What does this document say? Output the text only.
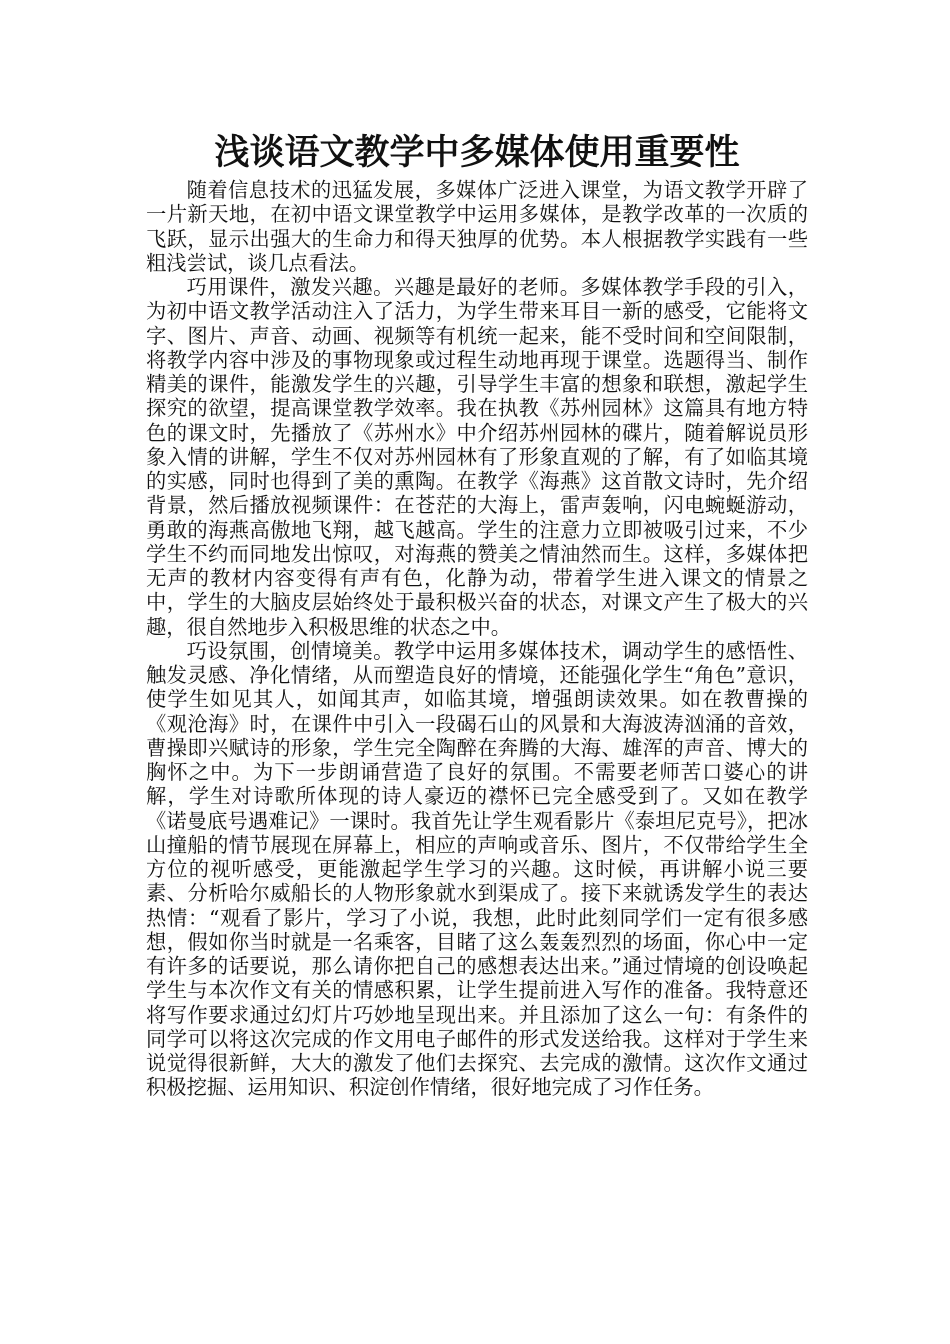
浅谈语文教学中多媒体使用重要性

随着信息技术的迅猛发展，多媒体广泛进入课堂，为语文教学开辟了一片新天地，在初中语文课堂教学中运用多媒体，是教学改革的一次质的飞跃，显示出强大的生命力和得天独厚的优势。本人根据教学实践有一些粗浅尝试，谈几点看法。

巧用课件，激发兴趣。兴趣是最好的老师。多媒体教学手段的引入，为初中语文教学活动注入了活力，为学生带来耳目一新的感受，它能将文字、图片、声音、动画、视频等有机统一起来，能不受时间和空间限制，将教学内容中涉及的事物现象或过程生动地再现于课堂。选题得当、制作精美的课件，能激发学生的兴趣，引导学生丰富的想象和联想，激起学生探究的欲望，提高课堂教学效率。我在执教《苏州园林》这篇具有地方特色的课文时，先播放了《苏州水》中介绍苏州园林的碟片，随着解说员形象入情的讲解，学生不仅对苏州园林有了形象直观的了解，有了如临其境的实感，同时也得到了美的熏陶。在教学《海燕》这首散文诗时，先介绍背景，然后播放视频课件：在苍茫的大海上，雷声轰响，闪电蜿蜒游动，勇敢的海燕高傲地飞翔，越飞越高。学生的注意力立即被吸引过来，不少学生不约而同地发出惊叹，对海燕的赞美之情油然而生。这样，多媒体把无声的教材内容变得有声有色，化静为动，带着学生进入课文的情景之中，学生的大脑皮层始终处于最积极兴奋的状态，对课文产生了极大的兴趣，很自然地步入积极思维的状态之中。

巧设氛围，创情境美。教学中运用多媒体技术，调动学生的感悟性、触发灵感、净化情绪，从而塑造良好的情境，还能强化学生“角色”意识，使学生如见其人，如闻其声，如临其境，增强朗读效果。如在教曹操的《观沧海》时，在课件中引入一段碣石山的风景和大海波涛汹涌的音效，曹操即兴赋诗的形象，学生完全陶醉在奔腾的大海、雄浑的声音、博大的胸怀之中。为下一步朗诵营造了良好的氛围。不需要老师苦口婆心的讲解，学生对诗歌所体现的诗人豪迈的襟怀已完全感受到了。又如在教学 《诺曼底号遇难记》一课时。我首先让学生观看影片《泰坦尼克号》，把冰山撞船的情节展现在屏幕上，相应的声响或音乐、图片，不仅带给学生全方位的视听感受，更能激起学生学习的兴趣。这时候，再讲解小说三要素、分析哈尔威船长的人物形象就水到渠成了。接下来就诱发学生的表达热情：“观看了影片，学习了小说，我想，此时此刻同学们一定有很多感想，假如你当时就是一名乘客，目睹了这么轰轰烈烈的场面，你心中一定有许多的话要说，那么请你把自己的感想表达出来。”通过情境的创设唤起学生与本次作文有关的情感积累，让学生提前进入写作的准备。我特意还将写作要求通过幻灯片巧妙地呈现出来。并且添加了这么一句：有条件的同学可以将这次完成的作文用电子邮件的形式发送给我。这样对于学生来说觉得很新鲜，大大的激发了他们去探究、去完成的激情。这次作文通过积极挖掘、运用知识、积淀创作情绪，很好地完成了习作任务。
